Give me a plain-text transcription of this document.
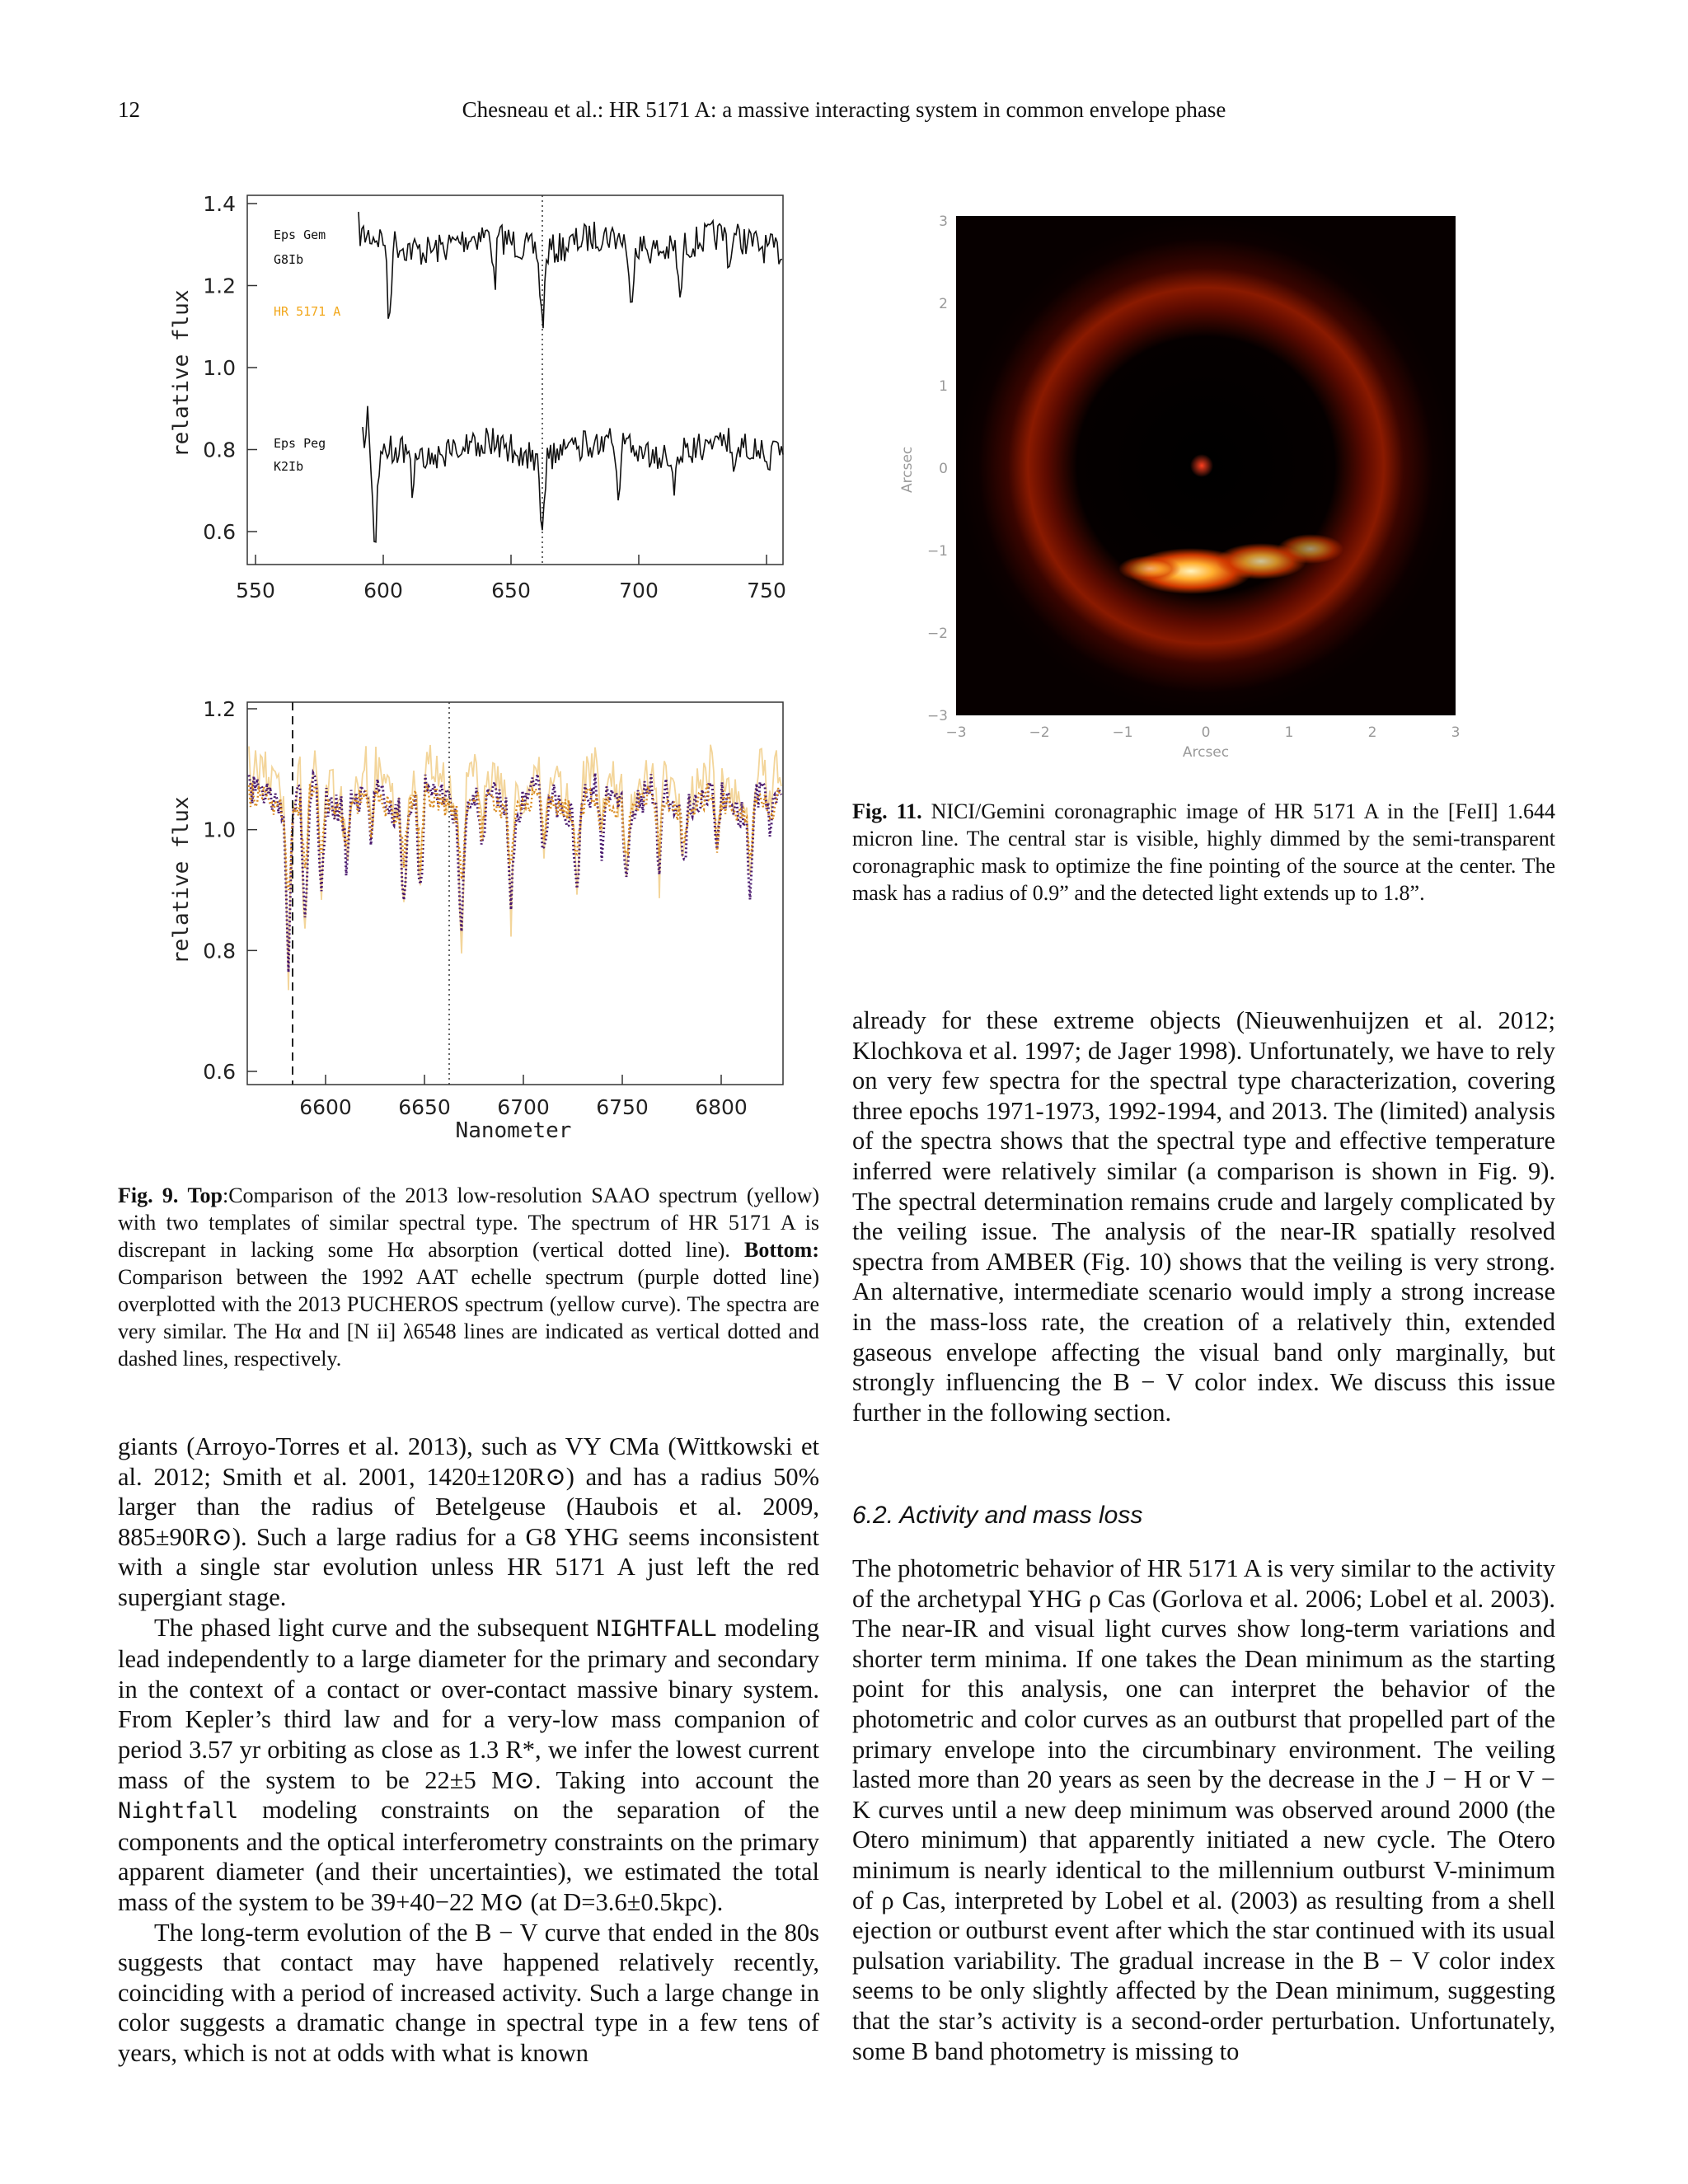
12	Chesneau et al.: HR 5171 A: a massive interacting system in common envelope phase
1.4
1.2
1.0
0.8
0.6
550	600	650	700	750
relative flux
Eps Gem
G8Ib
HR 5171 A
Eps Peg
K2Ib
1.2
1.0
0.8
0.6
6600 6650 6700 6750 6800
relative flux
Nanometer
−3	−2	−1	0	1	2	3
3
2
1
0
−1
−2
−3
Arcsec
Arcsec
Fig. 9. Top:Comparison of the 2013 low-resolution SAAO spectrum (yellow) with two templates of similar spectral type. The spectrum of HR 5171 A is discrepant in lacking some Hα absorption (vertical dotted line). Bottom: Comparison between the 1992 AAT echelle spectrum (purple dotted line) overplotted with the 2013 PUCHEROS spectrum (yellow curve). The spectra are very similar. The Hα and [N ii] λ6548 lines are indicated as vertical dotted and dashed lines, respectively.
Fig. 11. NICI/Gemini coronagraphic image of HR 5171 A in the [FeII] 1.644 micron line. The central star is visible, highly dimmed by the semi-transparent coronagraphic mask to optimize the fine pointing of the source at the center. The mask has a radius of 0.9” and the detected light extends up to 1.8”.

giants (Arroyo-Torres et al. 2013), such as VY CMa (Wittkowski et al. 2012; Smith et al. 2001, 1420±120R⊙) and has a radius 50% larger than the radius of Betelgeuse (Haubois et al. 2009, 885±90R⊙). Such a large radius for a G8 YHG seems inconsistent with a single star evolution unless HR 5171 A just left the red supergiant stage.

The phased light curve and the subsequent NIGHTFALL modeling lead independently to a large diameter for the primary and secondary in the context of a contact or over-contact massive binary system. From Kepler’s third law and for a very-low mass companion of period 3.57 yr orbiting as close as 1.3 R*, we infer the lowest current mass of the system to be 22±5 M⊙. Taking into account the Nightfall modeling constraints on the separation of the components and the optical interferometry constraints on the primary apparent diameter (and their uncertainties), we estimated the total mass of the system to be 39+40−22 M⊙ (at D=3.6±0.5kpc).

The long-term evolution of the B − V curve that ended in the 80s suggests that contact may have happened relatively recently, coinciding with a period of increased activity. Such a large change in color suggests a dramatic change in spectral type in a few tens of years, which is not at odds with what is known

already for these extreme objects (Nieuwenhuijzen et al. 2012; Klochkova et al. 1997; de Jager 1998). Unfortunately, we have to rely on very few spectra for the spectral type characterization, covering three epochs 1971-1973, 1992-1994, and 2013. The (limited) analysis of the spectra shows that the spectral type and effective temperature inferred were relatively similar (a comparison is shown in Fig. 9). The spectral determination remains crude and largely complicated by the veiling issue. The analysis of the near-IR spatially resolved spectra from AMBER (Fig. 10) shows that the veiling is very strong. An alternative, intermediate scenario would imply a strong increase in the mass-loss rate, the creation of a relatively thin, extended gaseous envelope affecting the visual band only marginally, but strongly influencing the B − V color index. We discuss this issue further in the following section.

6.2. Activity and mass loss

The photometric behavior of HR 5171 A is very similar to the activity of the archetypal YHG ρ Cas (Gorlova et al. 2006; Lobel et al. 2003). The near-IR and visual light curves show long-term variations and shorter term minima. If one takes the Dean minimum as the starting point for this analysis, one can interpret the behavior of the photometric and color curves as an outburst that propelled part of the primary envelope into the circumbinary environment. The veiling lasted more than 20 years as seen by the decrease in the J − H or V − K curves until a new deep minimum was observed around 2000 (the Otero minimum) that apparently initiated a new cycle. The Otero minimum is nearly identical to the millennium outburst V-minimum of ρ Cas, interpreted by Lobel et al. (2003) as resulting from a shell ejection or outburst event after which the star continued with its usual pulsation variability. The gradual increase in the B − V color index seems to be only slightly affected by the Dean minimum, suggesting that the star’s activity is a second-order perturbation. Unfortunately, some B band photometry is missing to
